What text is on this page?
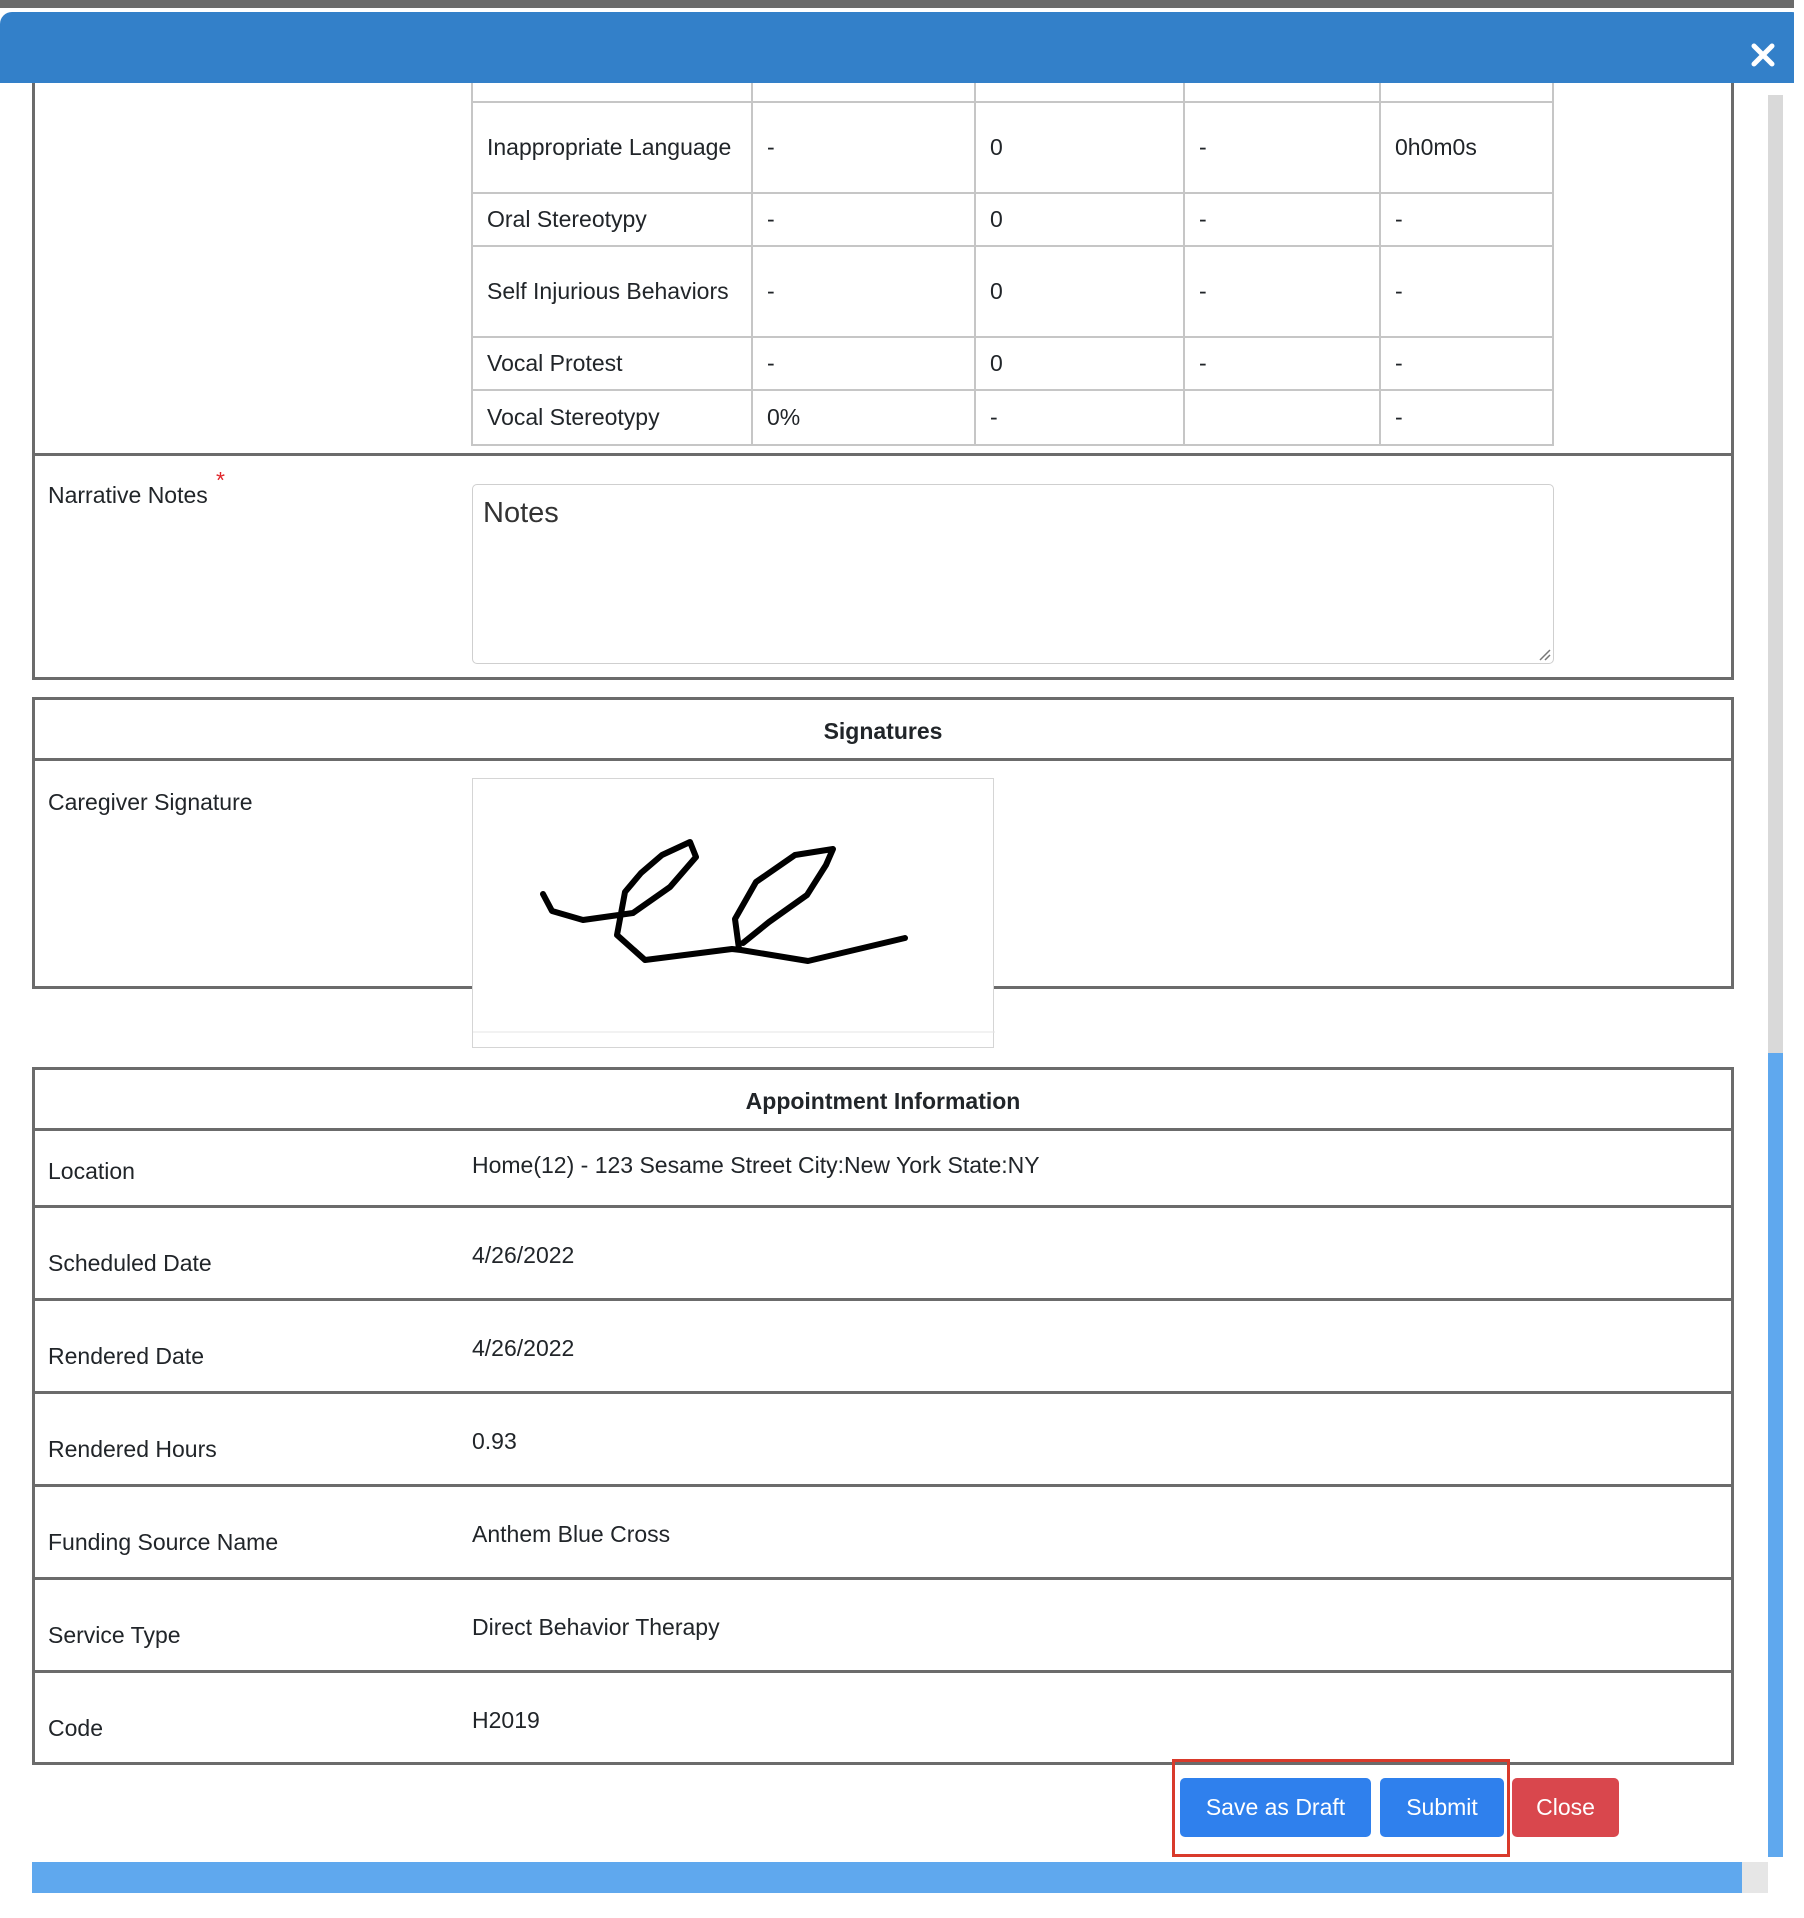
Inappropriate Language	-	0	-	0h0m0s
Oral Stereotypy	-	0	-	-
Self Injurious Behaviors	-	0	-	-
Vocal Protest	-	0	-	-
Vocal Stereotypy	0%	-		-
Narrative Notes
*
Notes
Signatures
Caregiver Signature
Appointment Information
Location	Home(12) - 123 Sesame Street City:New York State:NY
Scheduled Date	4/26/2022
Rendered Date	4/26/2022
Rendered Hours	0.93
Funding Source Name	Anthem Blue Cross
Service Type	Direct Behavior Therapy
Code	H2019
Save as Draft	Submit	Close
